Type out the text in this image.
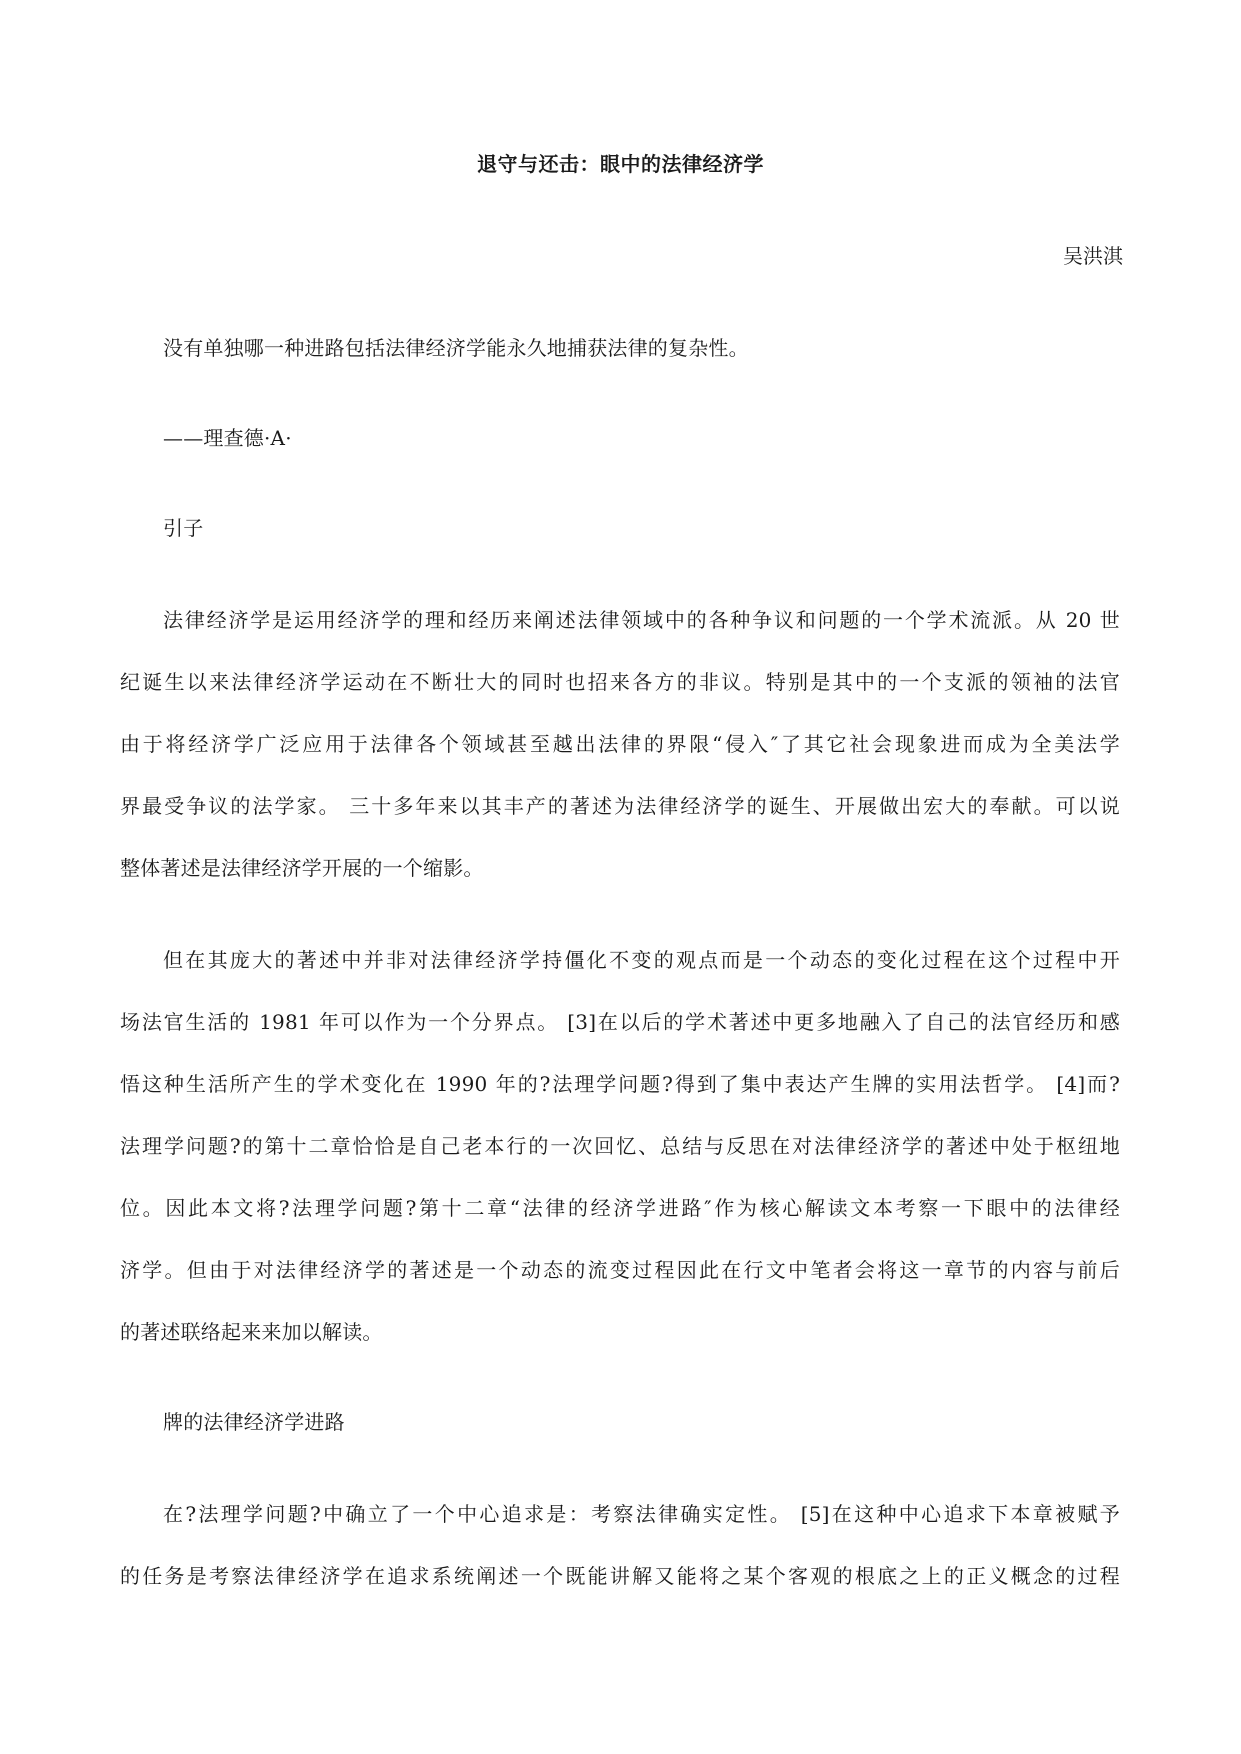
退守与还击：眼中的法律经济学
吴洪淇
没有单独哪一种进路包括法律经济学能永久地捕获法律的复杂性。
——理查德·A·
引子
法律经济学是运用经济学的理和经历来阐述法律领域中的各种争议和问题的一个学术流派。从 20 世
纪诞生以来法律经济学运动在不断壮大的同时也招来各方的非议。特别是其中的一个支派的领袖的法官
由于将经济学广泛应用于法律各个领域甚至越出法律的界限“侵入″了其它社会现象进而成为全美法学
界最受争议的法学家。 三十多年来以其丰产的著述为法律经济学的诞生、开展做出宏大的奉献。可以说
整体著述是法律经济学开展的一个缩影。
但在其庞大的著述中并非对法律经济学持僵化不变的观点而是一个动态的变化过程在这个过程中开
场法官生活的 1981 年可以作为一个分界点。 [3]在以后的学术著述中更多地融入了自己的法官经历和感
悟这种生活所产生的学术变化在 1990 年的?法理学问题?得到了集中表达产生牌的实用法哲学。 [4]而?
法理学问题?的第十二章恰恰是自己老本行的一次回忆、总结与反思在对法律经济学的著述中处于枢纽地
位。因此本文将?法理学问题?第十二章“法律的经济学进路″作为核心解读文本考察一下眼中的法律经
济学。但由于对法律经济学的著述是一个动态的流变过程因此在行文中笔者会将这一章节的内容与前后
的著述联络起来来加以解读。
牌的法律经济学进路
在?法理学问题?中确立了一个中心追求是：考察法律确实定性。 [5]在这种中心追求下本章被赋予
的任务是考察法律经济学在追求系统阐述一个既能讲解又能将之某个客观的根底之上的正义概念的过程
